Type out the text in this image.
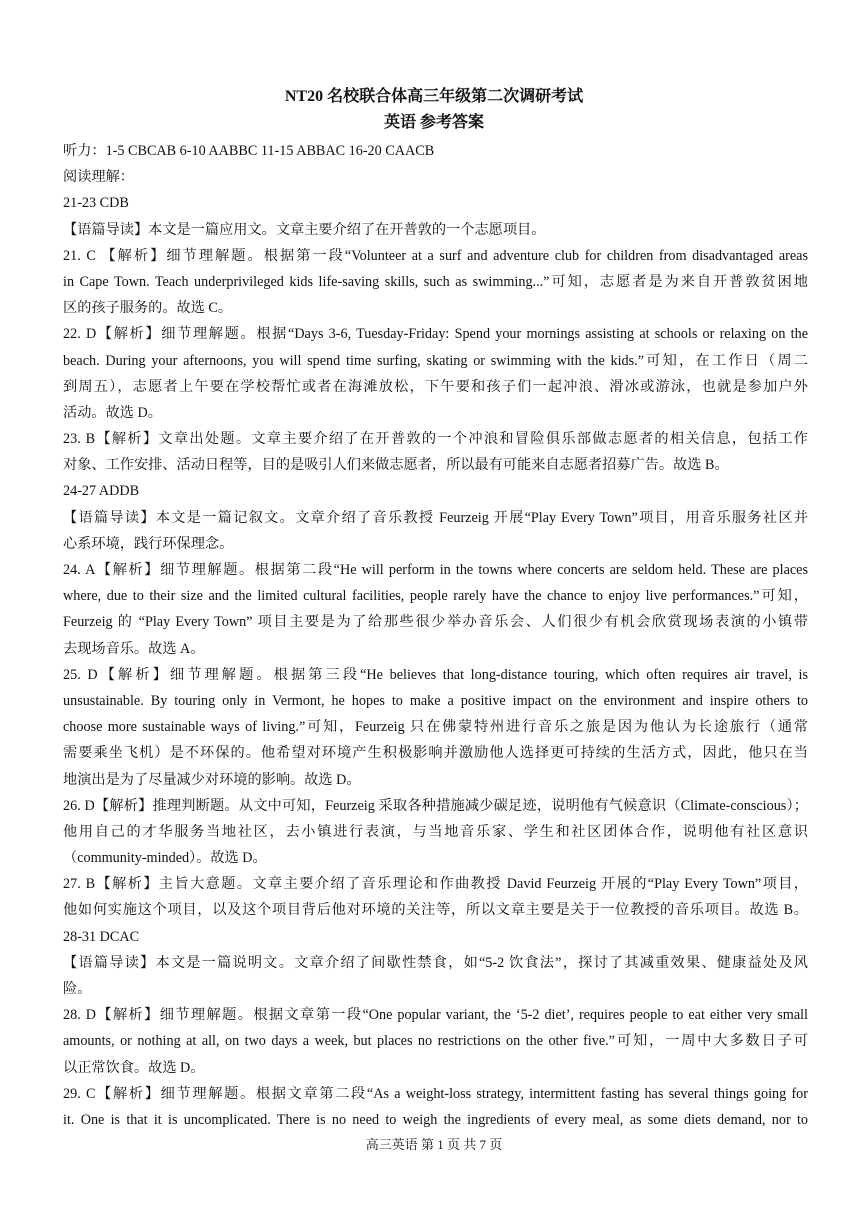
NT20 名校联合体高三年级第二次调研考试
英语 参考答案
听力：1-5 CBCAB 6-10 AABBC 11-15 ABBAC 16-20 CAACB
阅读理解：
21-23 CDB
【语篇导读】本文是一篇应用文。文章主要介绍了在开普敦的一个志愿项目。
21. C 【解析】细节理解题。根据第一段“Volunteer at a surf and adventure club for children from disadvantaged areas
in Cape Town. Teach underprivileged kids life-saving skills, such as swimming...”可知，志愿者是为来自开普敦贫困地
区的孩子服务的。故选 C。
22. D【解析】细节理解题。根据“Days 3-6, Tuesday-Friday: Spend your mornings assisting at schools or relaxing on the
beach. During your afternoons, you will spend time surfing, skating or swimming with the kids.”可知，在工作日（周二
到周五），志愿者上午要在学校帮忙或者在海滩放松，下午要和孩子们一起冲浪、滑冰或游泳，也就是参加户外
活动。故选 D。
23. B【解析】文章出处题。文章主要介绍了在开普敦的一个冲浪和冒险俱乐部做志愿者的相关信息，包括工作
对象、工作安排、活动日程等，目的是吸引人们来做志愿者，所以最有可能来自志愿者招募广告。故选 B。
24-27 ADDB
【语篇导读】本文是一篇记叙文。文章介绍了音乐教授 Feurzeig 开展“Play Every Town”项目，用音乐服务社区并
心系环境，践行环保理念。
24. A【解析】细节理解题。根据第二段“He will perform in the towns where concerts are seldom held. These are places
where, due to their size and the limited cultural facilities, people rarely have the chance to enjoy live performances.”可知，
Feurzeig 的 “Play Every Town” 项目主要是为了给那些很少举办音乐会、人们很少有机会欣赏现场表演的小镇带
去现场音乐。故选 A。
25. D【解析】细节理解题。根据第三段“He believes that long-distance touring, which often requires air travel, is
unsustainable. By touring only in Vermont, he hopes to make a positive impact on the environment and inspire others to
choose more sustainable ways of living.”可知，Feurzeig 只在佛蒙特州进行音乐之旅是因为他认为长途旅行（通常
需要乘坐飞机）是不环保的。他希望对环境产生积极影响并激励他人选择更可持续的生活方式，因此，他只在当
地演出是为了尽量减少对环境的影响。故选 D。
26. D【解析】推理判断题。从文中可知，Feurzeig 采取各种措施减少碳足迹，说明他有气候意识（Climate-conscious）；
他用自己的才华服务当地社区，去小镇进行表演，与当地音乐家、学生和社区团体合作，说明他有社区意识
（community-minded）。故选 D。
27. B【解析】主旨大意题。文章主要介绍了音乐理论和作曲教授 David Feurzeig 开展的“Play Every Town”项目，
他如何实施这个项目，以及这个项目背后他对环境的关注等，所以文章主要是关于一位教授的音乐项目。故选 B。
28-31 DCAC
【语篇导读】本文是一篇说明文。文章介绍了间歇性禁食，如“5-2 饮食法”，探讨了其减重效果、健康益处及风
险。
28. D【解析】细节理解题。根据文章第一段“One popular variant, the ‘5-2 diet’, requires people to eat either very small
amounts, or nothing at all, on two days a week, but places no restrictions on the other five.”可知，一周中大多数日子可
以正常饮食。故选 D。
29. C【解析】细节理解题。根据文章第二段“As a weight-loss strategy, intermittent fasting has several things going for
it. One is that it is uncomplicated. There is no need to weigh the ingredients of every meal, as some diets demand, nor to
高三英语 第 1 页 共 7 页
